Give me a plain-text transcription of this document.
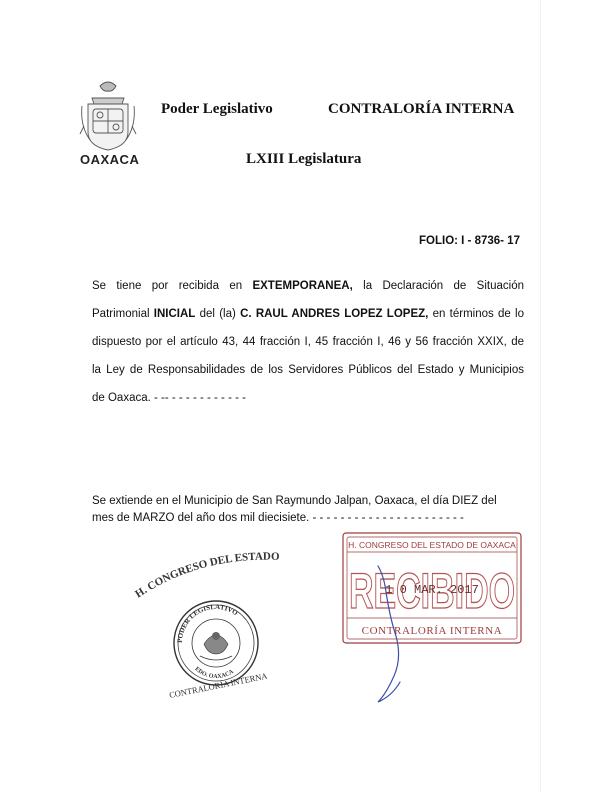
OAXACA
Poder Legislativo	CONTRALORÍA INTERNA
LXIII Legislatura
FOLIO: I - 8736- 17
Se tiene por recibida en EXTEMPORANEA, la Declaración de Situación
Patrimonial INICIAL del (la) C. RAUL ANDRES LOPEZ LOPEZ, en términos de lo
dispuesto por el artículo 43, 44 fracción I, 45 fracción I, 46 y 56 fracción XXIX, de
la Ley de Responsabilidades de los Servidores Públicos del Estado y Municipios
de Oaxaca. - -- - - - - - - - - - - -
Se extiende en el Municipio de San Raymundo Jalpan, Oaxaca, el día DIEZ del
mes de MARZO del año dos mil diecisiete. - - - - - - - - - - - - - - - - - - - - - -
H. CONGRESO DEL ESTADO
PODER LEGISLATIVO
EDO. OAXACA
CONTRALORÍA INTERNA
H. CONGRESO DEL ESTADO DE OAXACA
RECIBIDO
1 0 MAR. 2017
CONTRALORÍA INTERNA
